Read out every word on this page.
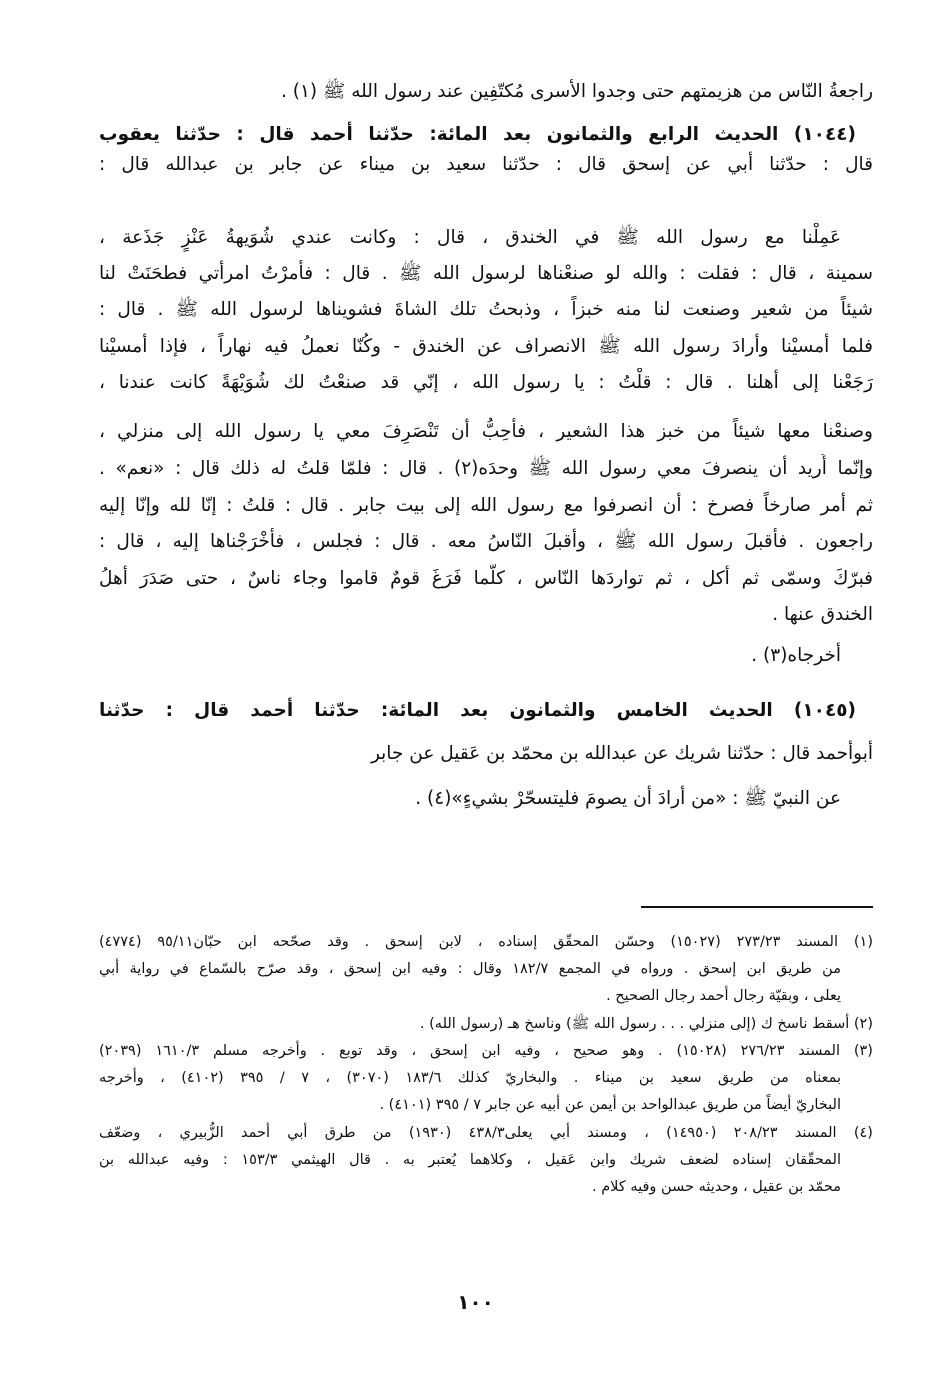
راجعةُ النّاس من هزيمتهم حتى وجدوا الأسرى مُكتّفِين عند رسول الله ﷺ (١) .
(١٠٤٤) الحديث الرابع والثمانون بعد المائة: حدّثنا أحمد قال : حدّثنا يعقوب
قال : حدّثنا أبي عن إسحق قال : حدّثنا سعيد بن ميناء عن جابر بن عبدالله قال :
عَمِلْنا مع رسول الله ﷺ في الخندق ، قال : وكانت عندي شُوَيهةُ عَنْزٍ جَذَعة ،
سمينة ، قال : فقلت : والله لو صنعْناها لرسول الله ﷺ . قال : فأمرْتُ امرأتي فطحَنَتْ لنا
شيئاً من شعير وصنعت لنا منه خبزاً ، وذبحتُ تلك الشاةَ فشويناها لرسول الله ﷺ . قال :
فلما أمسيْنا وأرادَ رسول الله ﷺ الانصراف عن الخندق - وكُنّا نعملُ فيه نهاراً ، فإذا أمسيْنا
رَجَعْنا إلى أهلنا . قال : قلْتُ : يا رسول الله ، إنّي قد صنعْتُ لك شُوَيْهَةً كانت عندنا ،
وصنعْنا معها شيئاً من خبز هذا الشعير ، فأحِبُّ أن تَنْصَرِفَ معي يا رسول الله إلى منزلي ،
وإنّما أُريد أن ينصرفَ معي رسول الله ﷺ وحدَه(٢) . قال : فلمّا قلتُ له ذلك قال : «نعم» .
ثم أمر صارخاً فصرخ : أن انصرفوا مع رسول الله إلى بيت جابر . قال : قلتُ : إنّا لله وإنّا إليه
راجعون . فأقبلَ رسول الله ﷺ ، وأقبلَ النّاسُ معه . قال : فجلس ، فأخْرَجْناها إليه ، قال :
فبرّكَ وسمّى ثم أكل ، ثم تواردَها النّاس ، كلّما فَرَغَ قومٌ قاموا وجاء ناسٌ ، حتى صَدَرَ أهلُ
الخندق عنها .
أخرجاه(٣) .
(١٠٤٥) الحديث الخامس والثمانون بعد المائة: حدّثنا أحمد قال : حدّثنا
أبوأحمد قال : حدّثنا شريك عن عبدالله بن محمّد بن عَقيل عن جابر
عن النبيّ ﷺ : «من أرادَ أن يصومَ فليتسحّرْ بشيءٍ»(٤) .
(١) المسند ٢٧٣/٢٣ (١٥٠٢٧) وحسّن المحقّق إسناده ، لابن إسحق . وقد صحّحه ابن حبّان٩٥/١١ (٤٧٧٤)
من طريق ابن إسحق . ورواه في المجمع ١٨٢/٧ وقال : وفيه ابن إسحق ، وقد صرّح بالسّماع في رواية أبي
يعلى ، وبقيّة رجال أحمد رجال الصحيح .
(٢) أسقط ناسخ ك (إلى منزلي . . . رسول الله ﷺ) وناسخ هـ (رسول الله) .
(٣) المسند ٢٧٦/٢٣ (١٥٠٢٨) . وهو صحيح ، وفيه ابن إسحق ، وقد توبع . وأخرجه مسلم ١٦١٠/٣ (٢٠٣٩)
بمعناه من طريق سعيد بن ميناء . والبخاريّ كذلك ١٨٣/٦ (٣٠٧٠) ، ٧ / ٣٩٥ (٤١٠٢) ، وأخرجه
البخاريّ أيضاً من طريق عبدالواحد بن أيمن عن أبيه عن جابر ٧ / ٣٩٥ (٤١٠١) .
(٤) المسند ٢٠٨/٢٣ (١٤٩٥٠) ، ومسند أبي يعلى٤٣٨/٣ (١٩٣٠) من طرق أبي أحمد الزُّبيري ، وضعّف
المحقّقان إسناده لضعف شريك وابن عَقيل ، وكلاهما يُعتبر به . قال الهيثمي ١٥٣/٣ : وفيه عبدالله بن
محمّد بن عقيل ، وحديثه حسن وفيه كلام .
١٠٠
